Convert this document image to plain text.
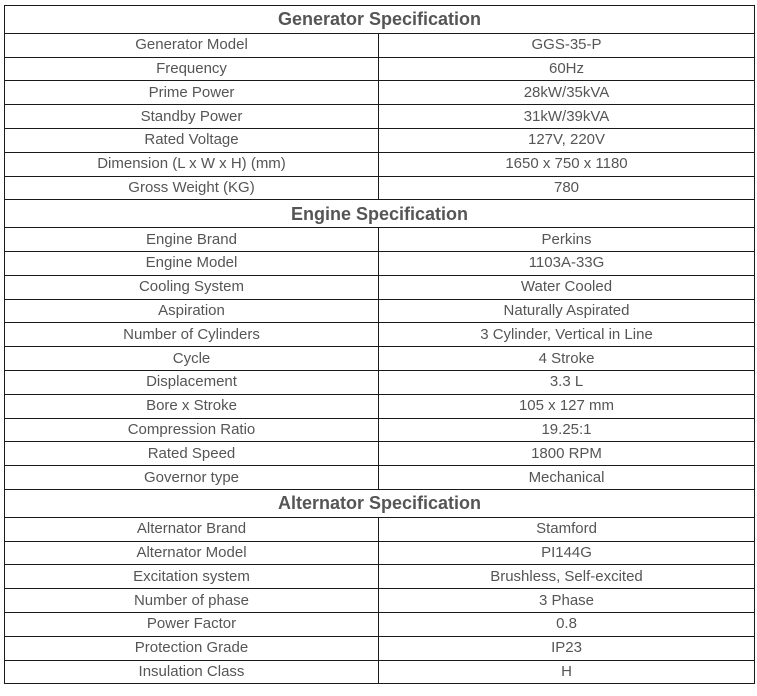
Generator Specification	
Generator Model	GGS-35-P
Frequency	60Hz
Prime Power	28kW/35kVA
Standby Power	31kW/39kVA
Rated Voltage	127V, 220V
Dimension (L x W x H) (mm)	1650 x 750 x 1180
Gross Weight (KG)	780
Engine Specification	
Engine Brand	Perkins
Engine Model	1103A-33G
Cooling System	Water Cooled
Aspiration	Naturally Aspirated
Number of Cylinders	3 Cylinder, Vertical in Line
Cycle	4 Stroke
Displacement	3.3 L
Bore x Stroke	105 x 127 mm
Compression Ratio	19.25:1
Rated Speed	1800 RPM
Governor type	Mechanical
Alternator Specification	
Alternator Brand	Stamford
Alternator Model	PI144G
Excitation system	Brushless, Self-excited
Number of phase	3 Phase
Power Factor	0.8
Protection Grade	IP23
Insulation Class	H
